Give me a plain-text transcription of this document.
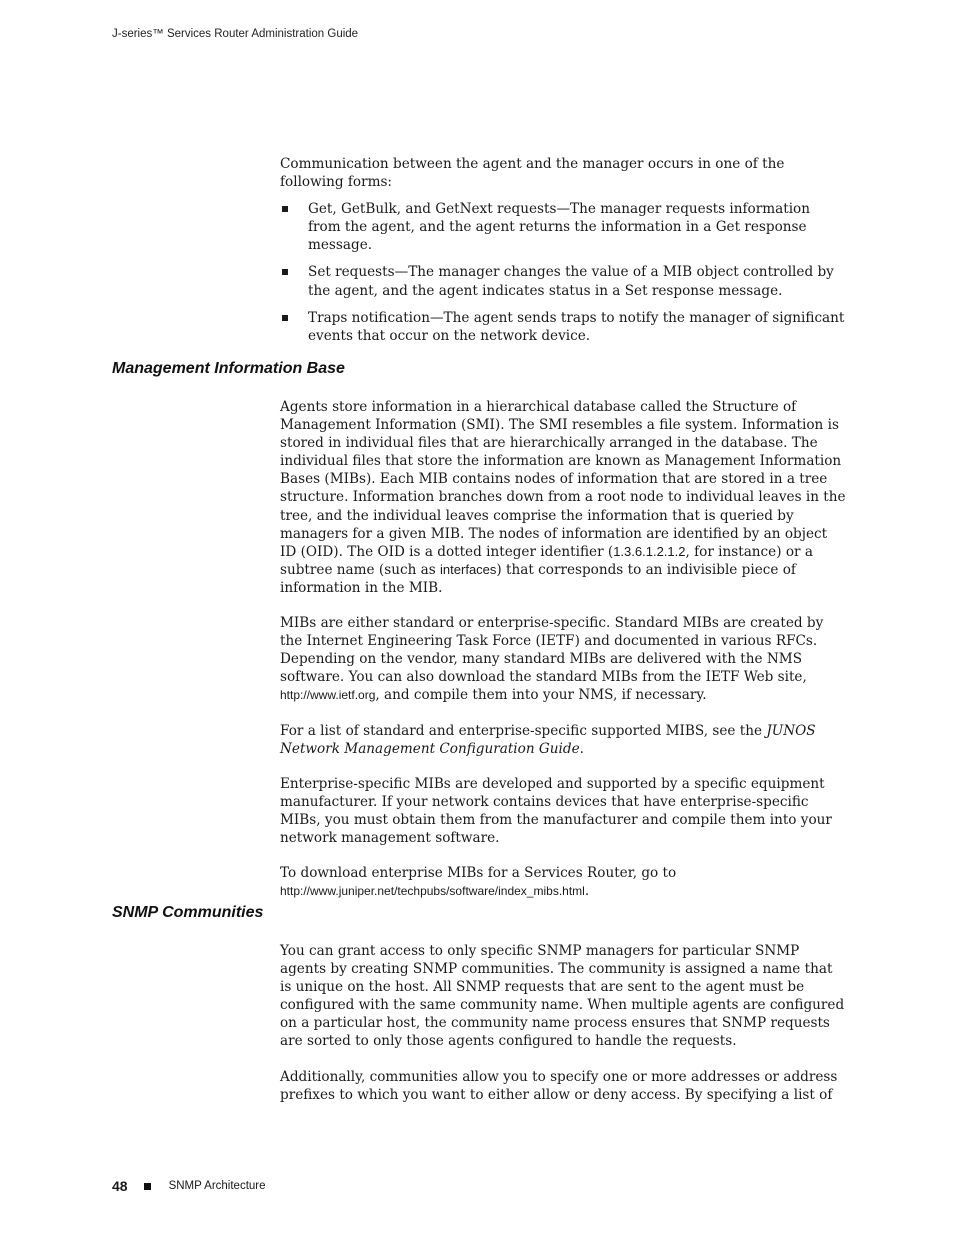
J-series™ Services Router Administration Guide

Communication between the agent and the manager occurs in one of the following forms:

Get, GetBulk, and GetNext requests—The manager requests information from the agent, and the agent returns the information in a Get response message.
Set requests—The manager changes the value of a MIB object controlled by the agent, and the agent indicates status in a Set response message.
Traps notification—The agent sends traps to notify the manager of significant events that occur on the network device.
Management Information Base

Agents store information in a hierarchical database called the Structure of Management Information (SMI). The SMI resembles a file system. Information is stored in individual files that are hierarchically arranged in the database. The individual files that store the information are known as Management Information Bases (MIBs). Each MIB contains nodes of information that are stored in a tree structure. Information branches down from a root node to individual leaves in the tree, and the individual leaves comprise the information that is queried by managers for a given MIB. The nodes of information are identified by an object ID (OID). The OID is a dotted integer identifier (1.3.6.1.2.1.2, for instance) or a subtree name (such as interfaces) that corresponds to an indivisible piece of information in the MIB.

MIBs are either standard or enterprise-specific. Standard MIBs are created by the Internet Engineering Task Force (IETF) and documented in various RFCs. Depending on the vendor, many standard MIBs are delivered with the NMS software. You can also download the standard MIBs from the IETF Web site, http://www.ietf.org, and compile them into your NMS, if necessary.

For a list of standard and enterprise-specific supported MIBS, see the JUNOS Network Management Configuration Guide.

Enterprise-specific MIBs are developed and supported by a specific equipment manufacturer. If your network contains devices that have enterprise-specific MIBs, you must obtain them from the manufacturer and compile them into your network management software.

To download enterprise MIBs for a Services Router, go to
http://www.juniper.net/techpubs/software/index_mibs.html.

SNMP Communities

You can grant access to only specific SNMP managers for particular SNMP agents by creating SNMP communities. The community is assigned a name that is unique on the host. All SNMP requests that are sent to the agent must be configured with the same community name. When multiple agents are configured on a particular host, the community name process ensures that SNMP requests are sorted to only those agents configured to handle the requests.

Additionally, communities allow you to specify one or more addresses or address prefixes to which you want to either allow or deny access. By specifying a list of

48	SNMP Architecture
